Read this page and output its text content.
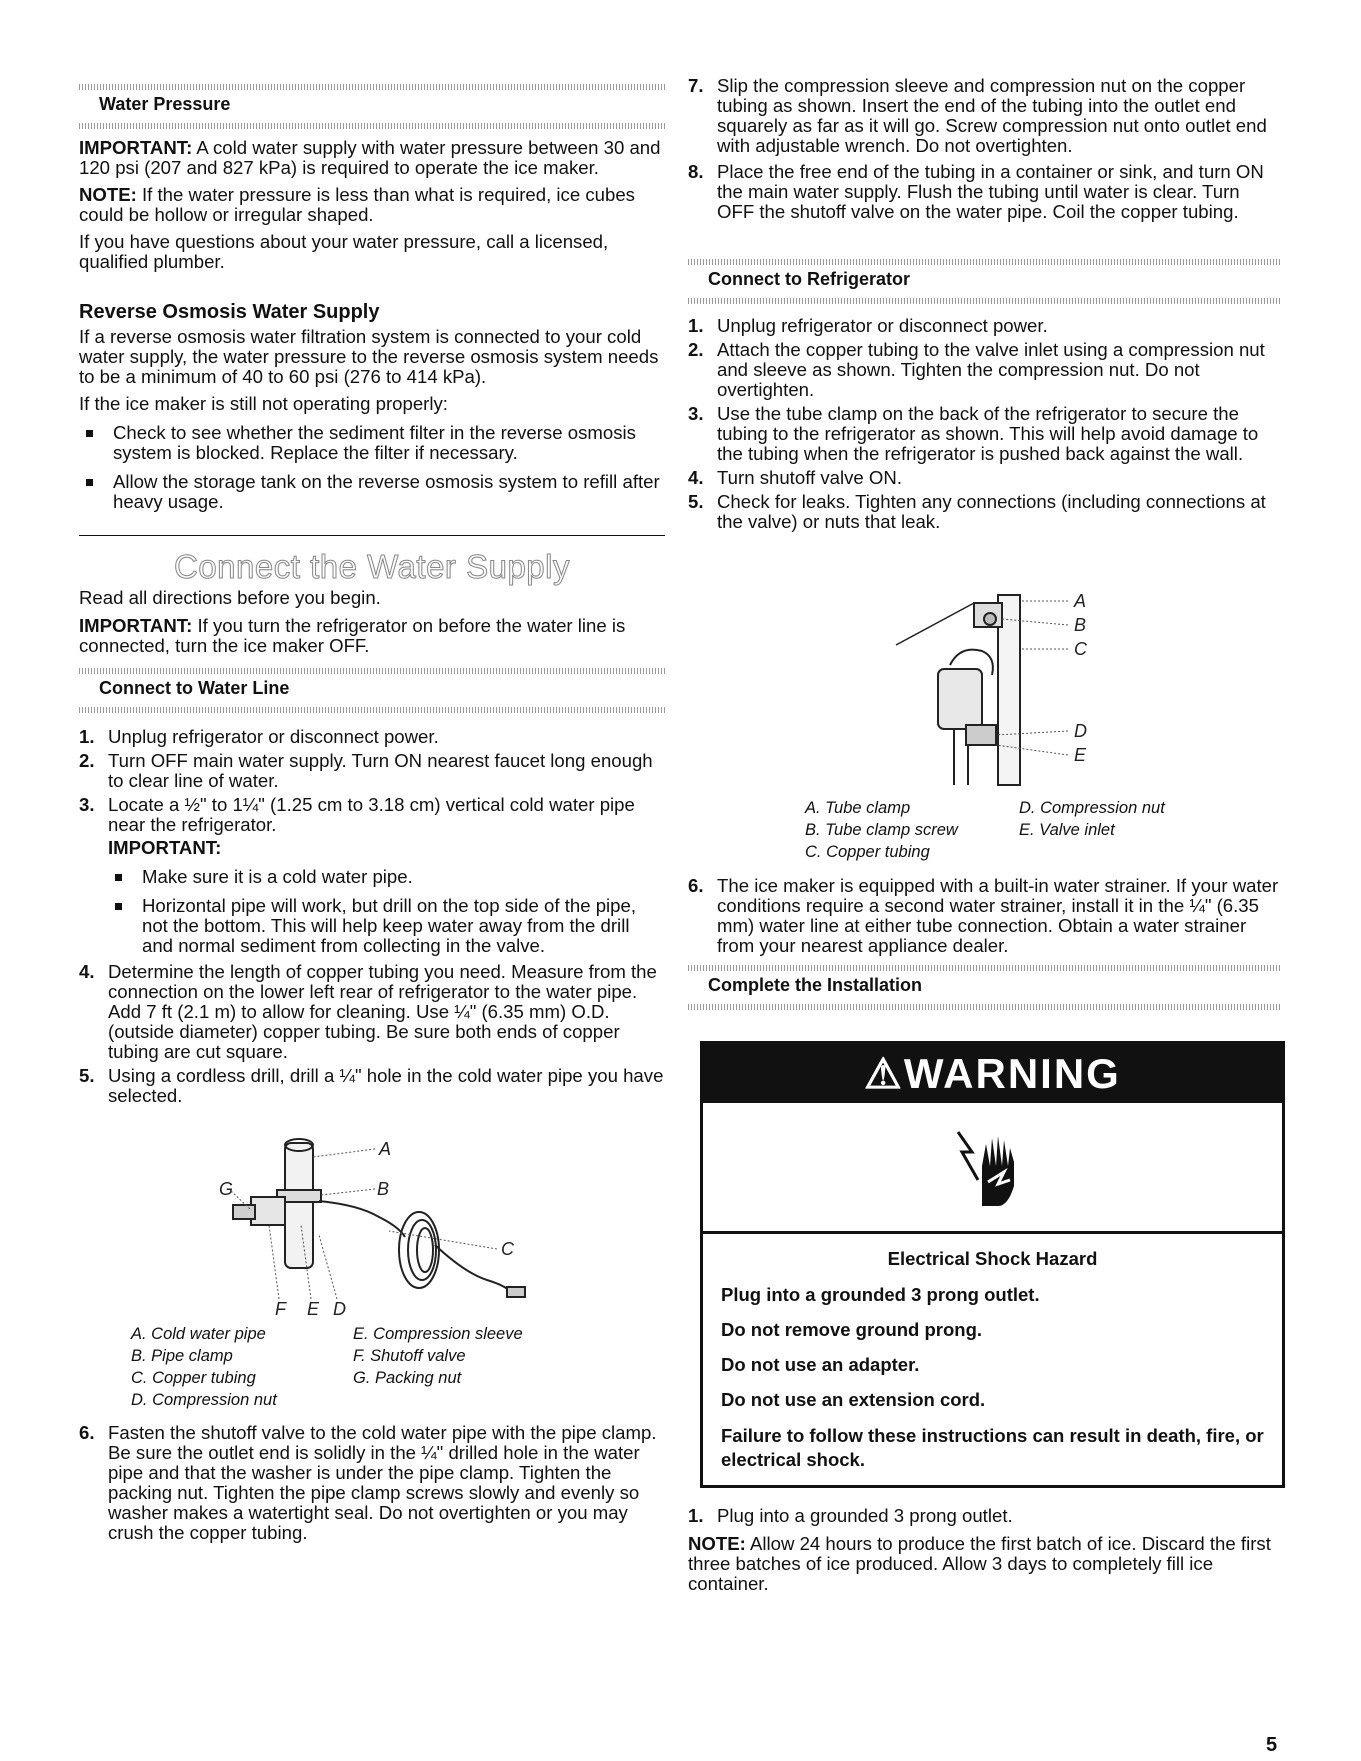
Water Pressure

IMPORTANT: A cold water supply with water pressure between 30 and 120 psi (207 and 827 kPa) is required to operate the ice maker.

NOTE: If the water pressure is less than what is required, ice cubes could be hollow or irregular shaped.

If you have questions about your water pressure, call a licensed, qualified plumber.

Reverse Osmosis Water Supply

If a reverse osmosis water filtration system is connected to your cold water supply, the water pressure to the reverse osmosis system needs to be a minimum of 40 to 60 psi (276 to 414 kPa).

If the ice maker is still not operating properly:

Check to see whether the sediment filter in the reverse osmosis system is blocked. Replace the filter if necessary.
Allow the storage tank on the reverse osmosis system to refill after heavy usage.
Connect the Water Supply

Read all directions before you begin.

IMPORTANT: If you turn the refrigerator on before the water line is connected, turn the ice maker OFF.

Connect to Water Line
1. Unplug refrigerator or disconnect power.
2. Turn OFF main water supply. Turn ON nearest faucet long enough to clear line of water.
3. Locate a ½" to 1¼" (1.25 cm to 3.18 cm) vertical cold water pipe near the refrigerator.
IMPORTANT:
Make sure it is a cold water pipe.
Horizontal pipe will work, but drill on the top side of the pipe, not the bottom. This will help keep water away from the drill and normal sediment from collecting in the valve.
4. Determine the length of copper tubing you need. Measure from the connection on the lower left rear of refrigerator to the water pipe. Add 7 ft (2.1 m) to allow for cleaning. Use ¼" (6.35 mm) O.D. (outside diameter) copper tubing. Be sure both ends of copper tubing are cut square.
5. Using a cordless drill, drill a ¼" hole in the cold water pipe you have selected.
A
B
C
D
E
F
G
A. Cold water pipe
B. Pipe clamp
C. Copper tubing
D. Compression nut
E. Compression sleeve
F. Shutoff valve
G. Packing nut
6. Fasten the shutoff valve to the cold water pipe with the pipe clamp. Be sure the outlet end is solidly in the ¼" drilled hole in the water pipe and that the washer is under the pipe clamp. Tighten the packing nut. Tighten the pipe clamp screws slowly and evenly so washer makes a watertight seal. Do not overtighten or you may crush the copper tubing.
7. Slip the compression sleeve and compression nut on the copper tubing as shown. Insert the end of the tubing into the outlet end squarely as far as it will go. Screw compression nut onto outlet end with adjustable wrench. Do not overtighten.
8. Place the free end of the tubing in a container or sink, and turn ON the main water supply. Flush the tubing until water is clear. Turn OFF the shutoff valve on the water pipe. Coil the copper tubing.
Connect to Refrigerator
1. Unplug refrigerator or disconnect power.
2. Attach the copper tubing to the valve inlet using a compression nut and sleeve as shown. Tighten the compression nut. Do not overtighten.
3. Use the tube clamp on the back of the refrigerator to secure the tubing to the refrigerator as shown. This will help avoid damage to the tubing when the refrigerator is pushed back against the wall.
4. Turn shutoff valve ON.
5. Check for leaks. Tighten any connections (including connections at the valve) or nuts that leak.
A
B
C
D
E
A. Tube clamp
B. Tube clamp screw
C. Copper tubing
D. Compression nut
E. Valve inlet
6. The ice maker is equipped with a built-in water strainer. If your water conditions require a second water strainer, install it in the ¼" (6.35 mm) water line at either tube connection. Obtain a water strainer from your nearest appliance dealer.
Complete the Installation
1. Plug into a grounded 3 prong outlet.

NOTE: Allow 24 hours to produce the first batch of ice. Discard the first three batches of ice produced. Allow 3 days to completely fill ice container.

⚠WARNING
Electrical Shock Hazard
Plug into a grounded 3 prong outlet.
Do not remove ground prong.
Do not use an adapter.
Do not use an extension cord.
Failure to follow these instructions can result in death, fire, or electrical shock.
5
